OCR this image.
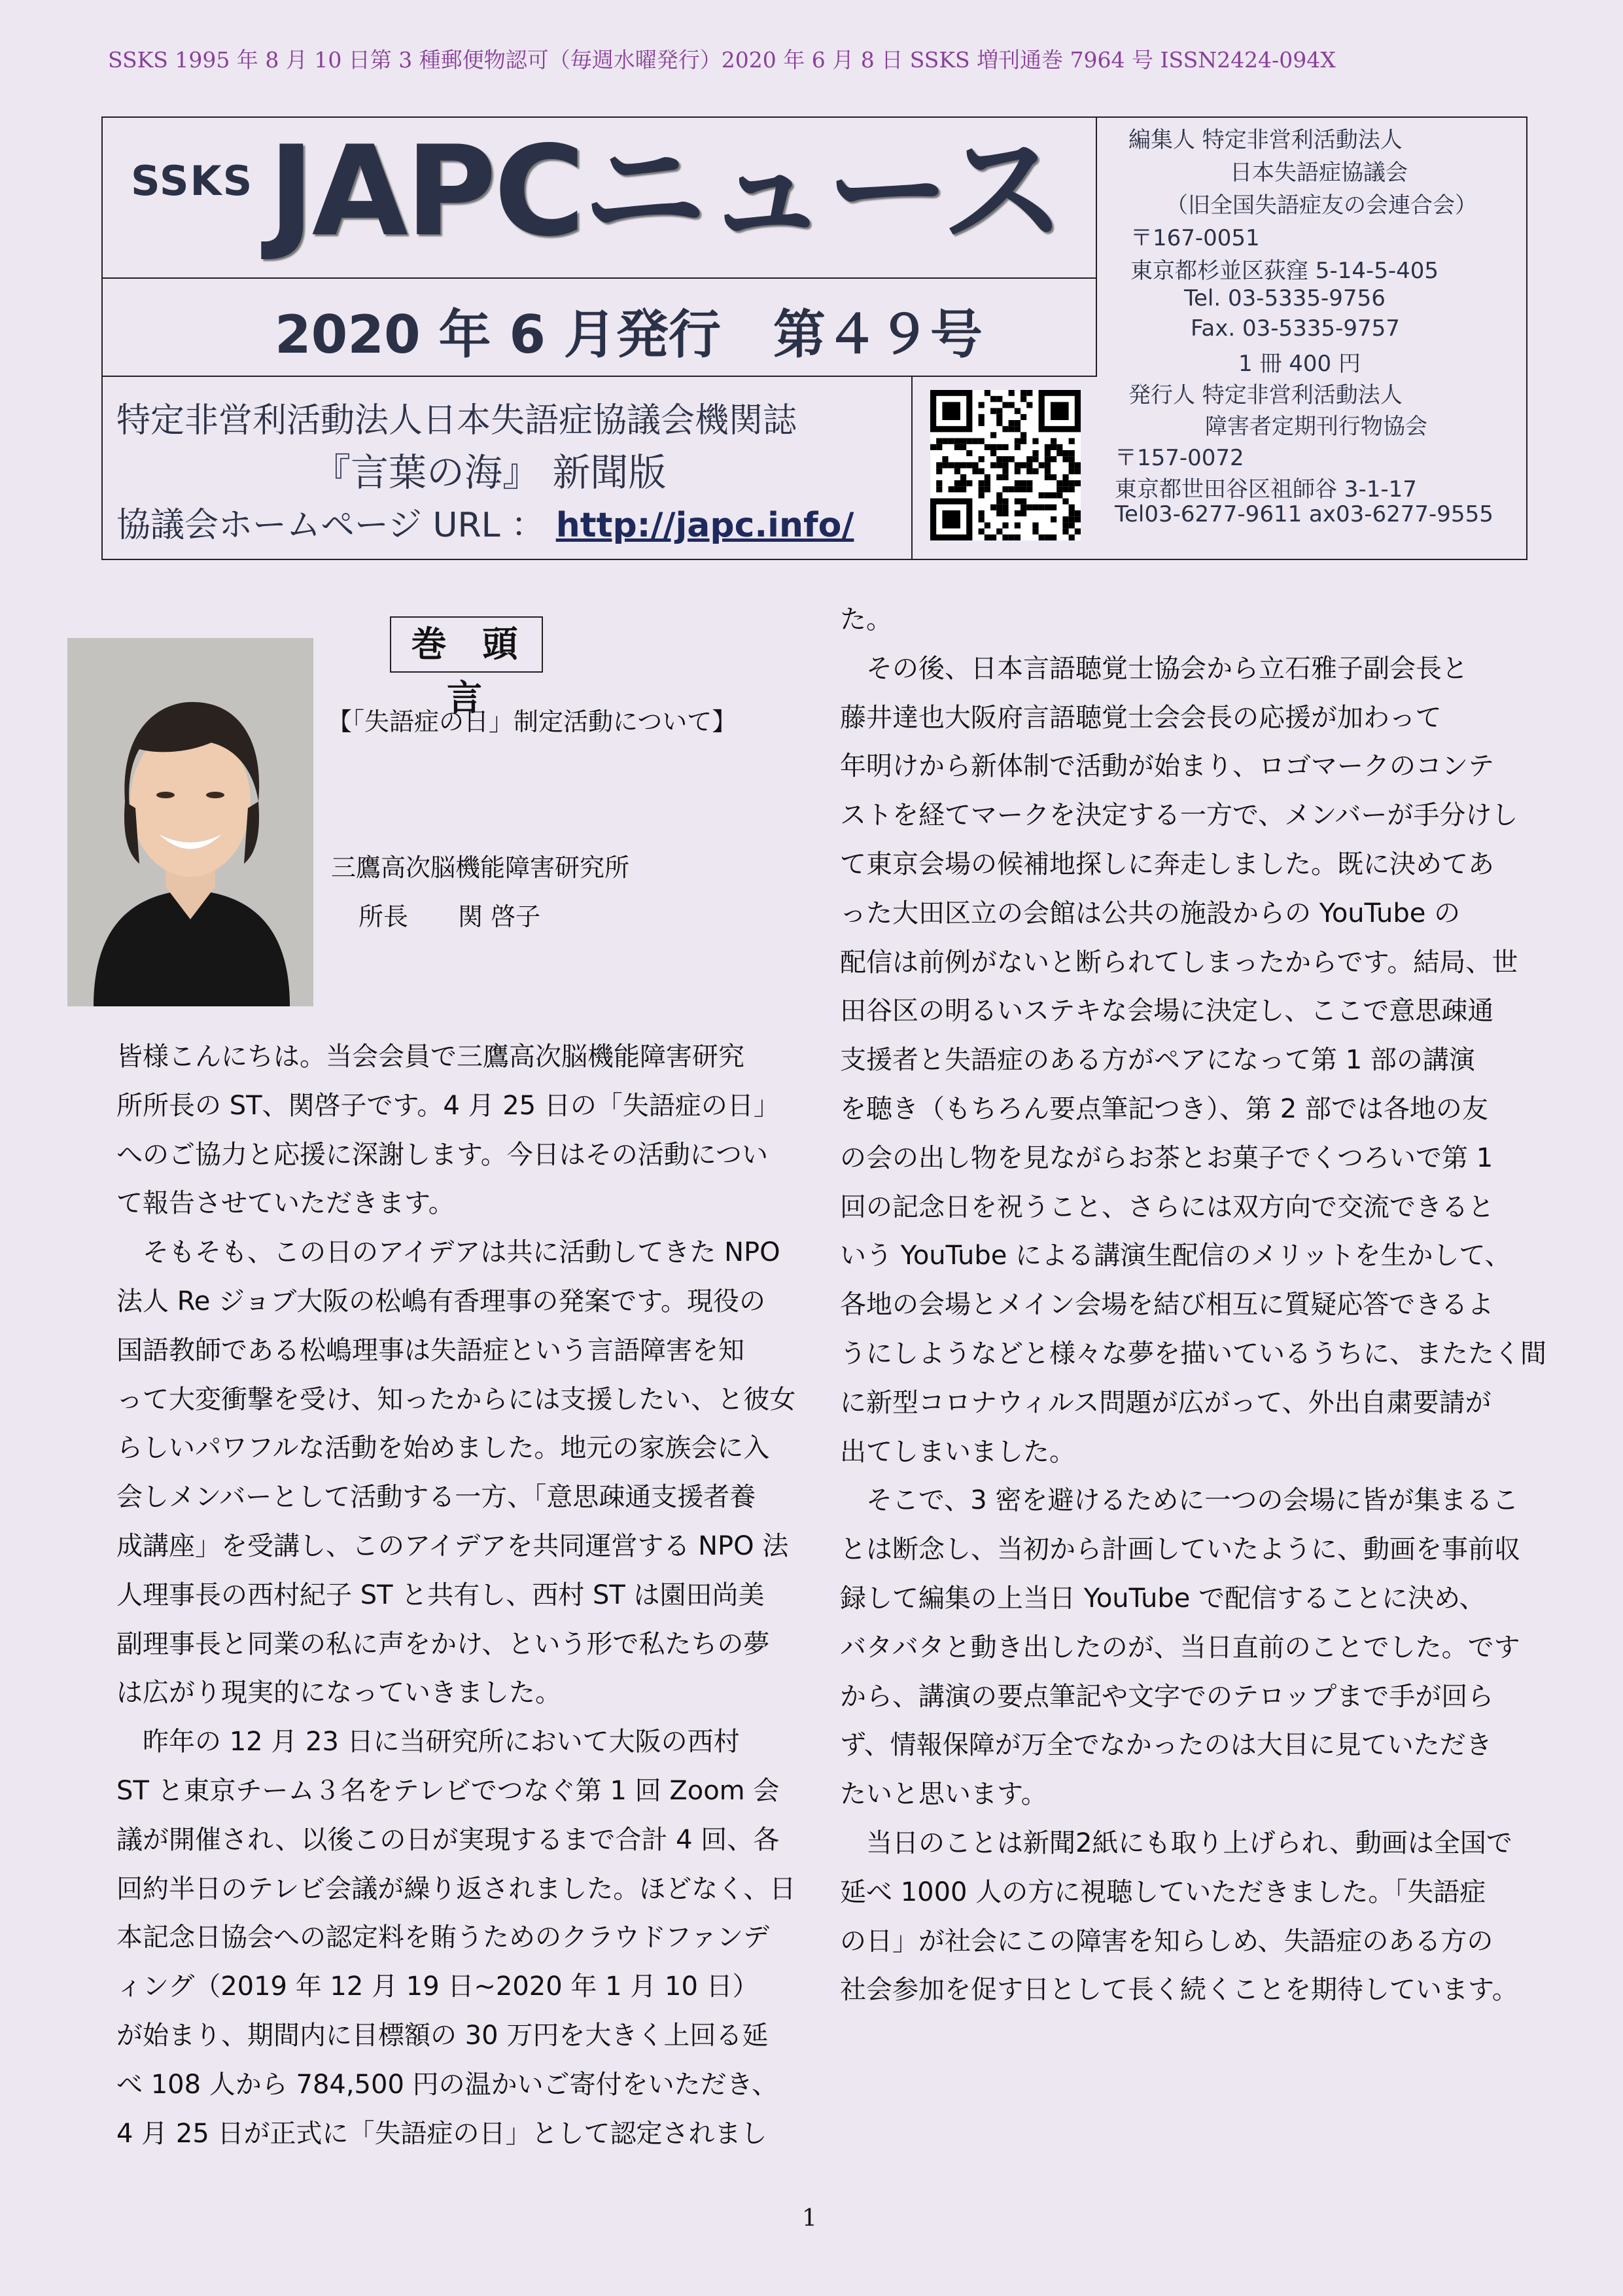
SSKS 1995 年 8 月 10 日第 3 種郵便物認可（毎週水曜発行）2020 年 6 月 8 日 SSKS 増刊通巻 7964 号 ISSN2424-094X
SSKS JAPCニュース
2020 年 6 月発行　第４９号
特定非営利活動法人日本失語症協議会機関誌
『言葉の海』 新聞版
協議会ホームページ URL ： http://japc.info/
編集人 特定非営利活動法人
日本失語症協議会
（旧全国失語症友の会連合会）
〒167-0051
東京都杉並区荻窪 5-14-5-405
Tel. 03-5335-9756
Fax. 03-5335-9757
1 冊 400 円
発行人 特定非営利活動法人
障害者定期刊行物協会
〒157-0072
東京都世田谷区祖師谷 3-1-17
Tel03-6277-9611 ax03-6277-9555
巻 頭 言
【「失語症の日」制定活動について】
三鷹高次脳機能障害研究所
所長　　関 啓子
皆様こんにちは。当会会員で三鷹高次脳機能障害研究
所所長の ST、関啓子です。4 月 25 日の「失語症の日」
へのご協力と応援に深謝します。今日はその活動につい
て報告させていただきます。
　そもそも、この日のアイデアは共に活動してきた NPO
法人 Re ジョブ大阪の松嶋有香理事の発案です。現役の
国語教師である松嶋理事は失語症という言語障害を知
って大変衝撃を受け、知ったからには支援したい、と彼女
らしいパワフルな活動を始めました。地元の家族会に入
会しメンバーとして活動する一方、「意思疎通支援者養
成講座」を受講し、このアイデアを共同運営する NPO 法
人理事長の西村紀子 ST と共有し、西村 ST は園田尚美
副理事長と同業の私に声をかけ、という形で私たちの夢
は広がり現実的になっていきました。
　昨年の 12 月 23 日に当研究所において大阪の西村
ST と東京チーム３名をテレビでつなぐ第 1 回 Zoom 会
議が開催され、以後この日が実現するまで合計 4 回、各
回約半日のテレビ会議が繰り返されました。ほどなく、日
本記念日協会への認定料を賄うためのクラウドファンデ
ィング（2019 年 12 月 19 日~2020 年 1 月 10 日）
が始まり、期間内に目標額の 30 万円を大きく上回る延
べ 108 人から 784,500 円の温かいご寄付をいただき、
4 月 25 日が正式に「失語症の日」として認定されまし
た。
　その後、日本言語聴覚士協会から立石雅子副会長と
藤井達也大阪府言語聴覚士会会長の応援が加わって
年明けから新体制で活動が始まり、ロゴマークのコンテ
ストを経てマークを決定する一方で、メンバーが手分けし
て東京会場の候補地探しに奔走しました。既に決めてあ
った大田区立の会館は公共の施設からの YouTube の
配信は前例がないと断られてしまったからです。結局、世
田谷区の明るいステキな会場に決定し、ここで意思疎通
支援者と失語症のある方がペアになって第 1 部の講演
を聴き（もちろん要点筆記つき）、第 2 部では各地の友
の会の出し物を見ながらお茶とお菓子でくつろいで第 1
回の記念日を祝うこと、さらには双方向で交流できると
いう YouTube による講演生配信のメリットを生かして、
各地の会場とメイン会場を結び相互に質疑応答できるよ
うにしようなどと様々な夢を描いているうちに、またたく間
に新型コロナウィルス問題が広がって、外出自粛要請が
出てしまいました。
　そこで、3 密を避けるために一つの会場に皆が集まるこ
とは断念し、当初から計画していたように、動画を事前収
録して編集の上当日 YouTube で配信することに決め、
バタバタと動き出したのが、当日直前のことでした。です
から、講演の要点筆記や文字でのテロップまで手が回ら
ず、情報保障が万全でなかったのは大目に見ていただき
たいと思います。
　当日のことは新聞2紙にも取り上げられ、動画は全国で
延べ 1000 人の方に視聴していただきました。「失語症
の日」が社会にこの障害を知らしめ、失語症のある方の
社会参加を促す日として長く続くことを期待しています。
1
